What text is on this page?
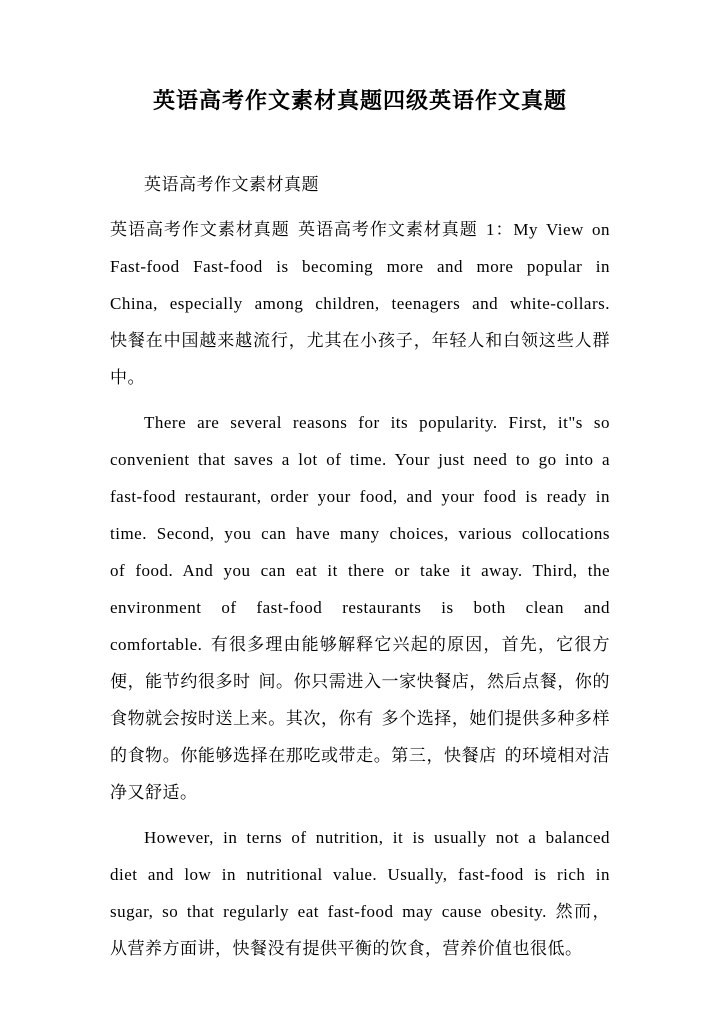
英语高考作文素材真题四级英语作文真题

英语高考作文素材真题

英语高考作文素材真题 英语高考作文素材真题 1：My View on Fast-food Fast-food is becoming more and more popular in China, especially among children, teenagers and white-collars. 快餐在中国越来越流行，尤其在小孩子，年轻人和白领这些人群中。

There are several reasons for its popularity. First, it"s so convenient that saves a lot of time. Your just need to go into a fast-food restaurant, order your food, and your food is ready in time. Second, you can have many choices, various collocations of food. And you can eat it there or take it away. Third, the environment of fast-food restaurants is both clean and comfortable. 有很多理由能够解释它兴起的原因，首先，它很方便，能节约很多时 间。你只需进入一家快餐店，然后点餐，你的食物就会按时送上来。其次，你有 多个选择，她们提供多种多样的食物。你能够选择在那吃或带走。第三，快餐店 的环境相对洁净又舒适。

However, in terns of nutrition, it is usually not a balanced diet and low in nutritional value. Usually, fast-food is rich in sugar, so that regularly eat fast-food may cause obesity. 然而，从营养方面讲，快餐没有提供平衡的饮食，营养价值也很低。
